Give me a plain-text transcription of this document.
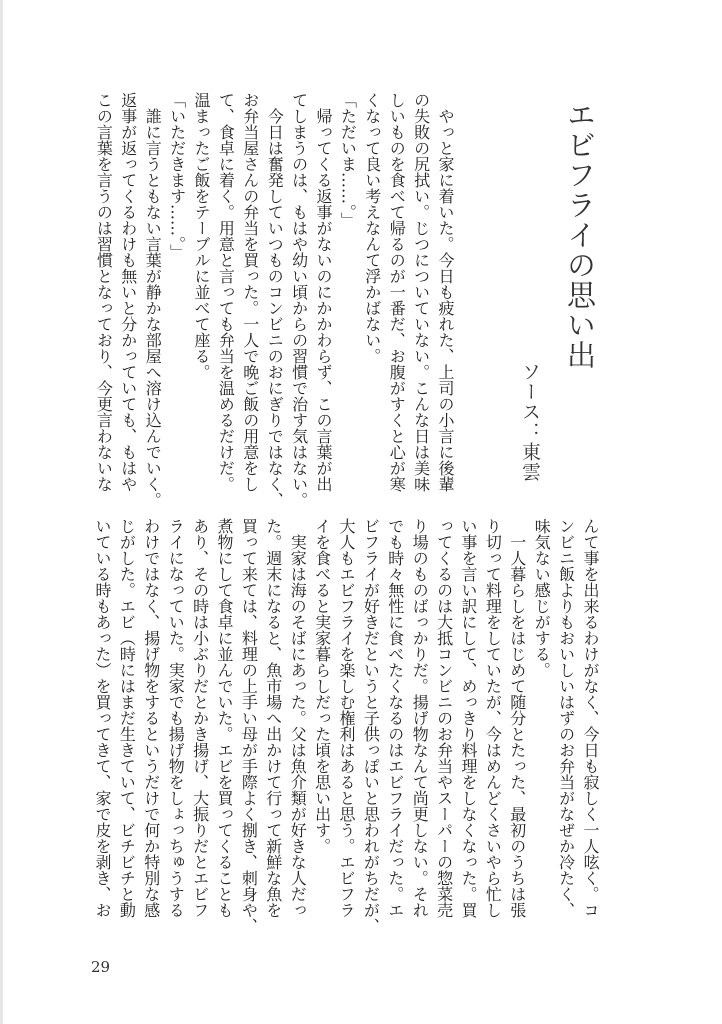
エビフライの思い出
ソース：東雲
　やっと家に着いた。今日も疲れた、上司の小言に後輩
の失敗の尻拭い。じつについていない。こんな日は美味
しいものを食べて帰るのが一番だ、お腹がすくと心が寒
くなって良い考えなんて浮かばない。
「ただいま……。」
　帰ってくる返事がないのにかかわらず、この言葉が出
てしまうのは、もはや幼い頃からの習慣で治す気はない。
　今日は奮発していつものコンビニのおにぎりではなく、
お弁当屋さんの弁当を買った。一人で晩ご飯の用意をし
て、食卓に着く。用意と言っても弁当を温めるだけだ。
温まったご飯をテーブルに並べて座る。
「いただきます……。」
　誰に言うともない言葉が静かな部屋へ溶け込んでいく。
返事が返ってくるわけも無いと分かっていても、もはや
この言葉を言うのは習慣となっており、今更言わないな
んて事を出来るわけがなく、今日も寂しく一人呟く。コ
ンビニ飯よりもおいしいはずのお弁当がなぜか冷たく、
味気ない感じがする。
　一人暮らしをはじめて随分とたった、最初のうちは張
り切って料理をしていたが、今はめんどくさいやら忙し
い事を言い訳にして、めっきり料理をしなくなった。買
ってくるのは大抵コンビニのお弁当やスーパーの惣菜売
り場のものばっかりだ。揚げ物なんて尚更しない。それ
でも時々無性に食べたくなるのはエビフライだった。エ
ビフライが好きだというと子供っぽいと思われがちだが、
大人もエビフライを楽しむ権利はあると思う。エビフラ
イを食べると実家暮らしだった頃を思い出す。
　実家は海のそばにあった。父は魚介類が好きな人だっ
た。週末になると、魚市場へ出かけて行って新鮮な魚を
買って来ては、料理の上手い母が手際よく捌き、刺身や、
煮物にして食卓に並んでいた。エビを買ってくることも
あり、その時は小ぶりだとかき揚げ、大振りだとエビフ
ライになっていた。実家でも揚げ物をしょっちゅうする
わけではなく、揚げ物をするというだけで何か特別な感
じがした。エビ（時にはまだ生きていて、ビチビチと動
いている時もあった）を買ってきて、家で皮を剥き、お
29
